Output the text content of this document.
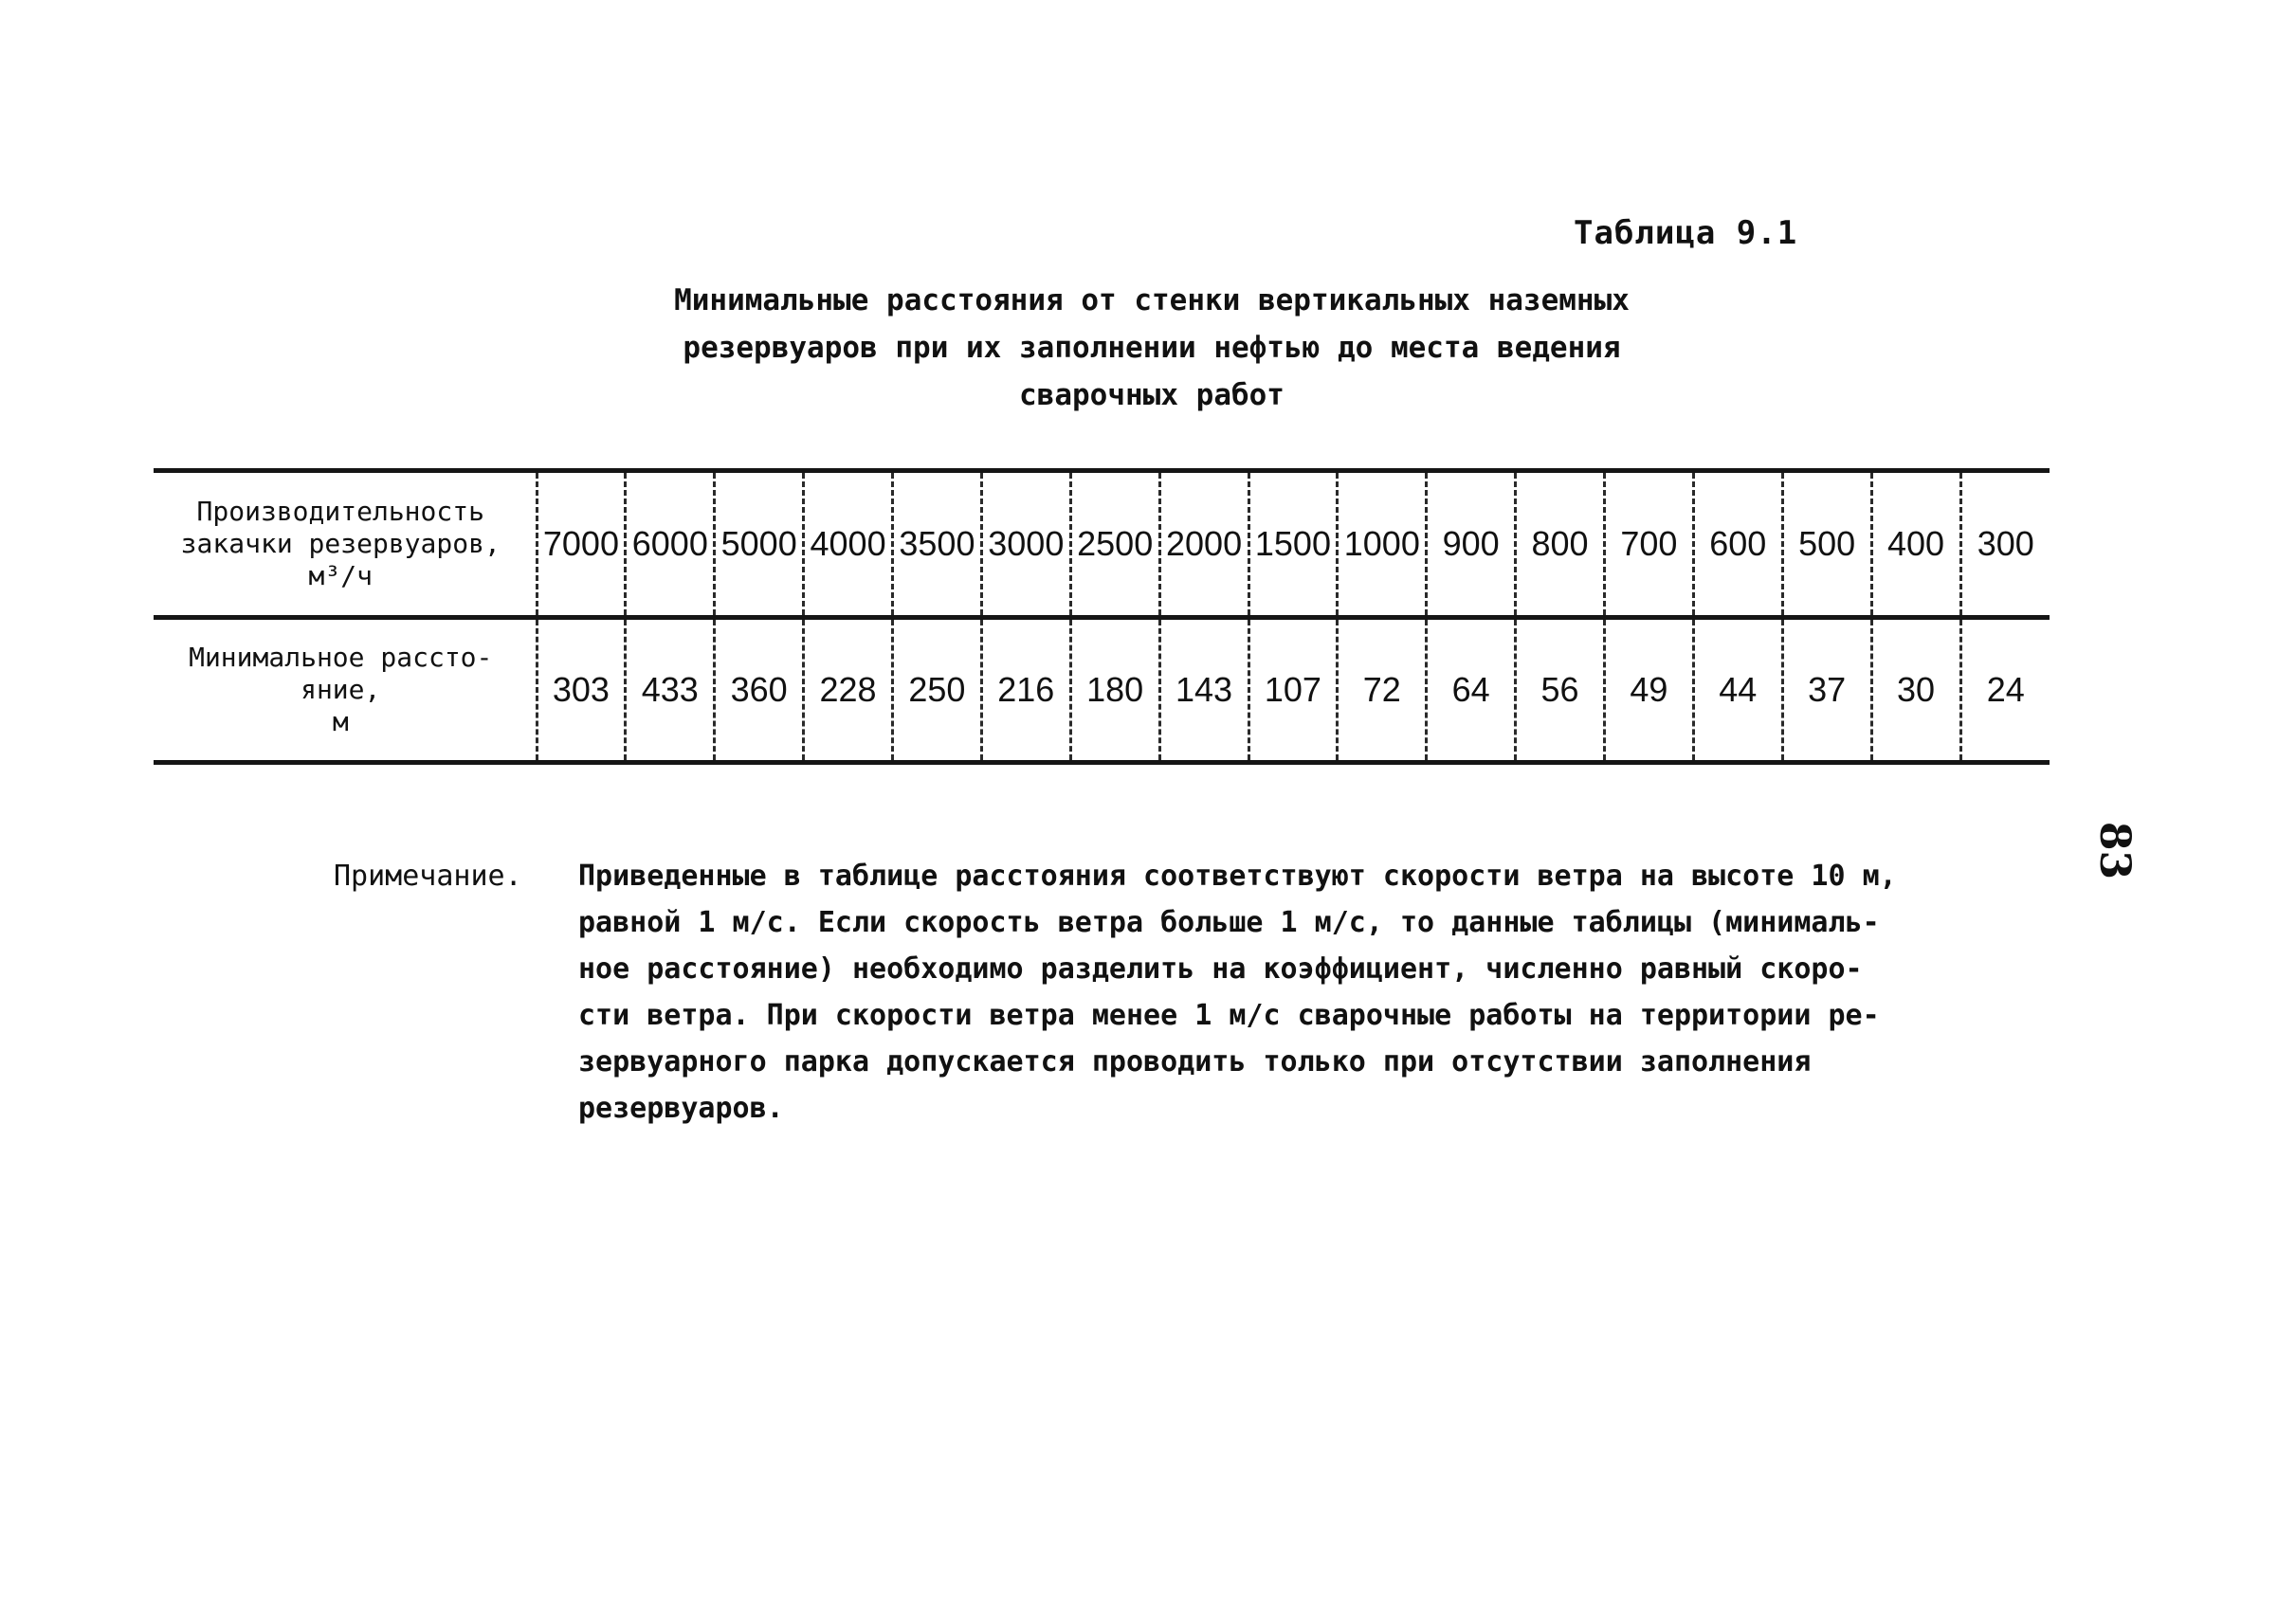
Таблица 9.1
Минимальные расстояния от стенки вертикальных наземных
резервуаров при их заполнении нефтью до места ведения
сварочных работ
Производительность
закачки резервуаров,
м³/ч	7000	6000	5000	4000	3500	3000	2500	2000	1500	1000	900	800	700	600	500	400	300

Минимальное рассто-
яние,
м	303	433	360	228	250	216	180	143	107	72	64	56	49	44	37	30	24
Примечание.	Приведенные в таблице расстояния соответствуют скорости ветра на высоте 10 м,
равной 1 м/с. Если скорость ветра больше 1 м/с, то данные таблицы (минималь-
ное расстояние) необходимо разделить на коэффициент, численно равный скоро-
сти ветра. При скорости ветра менее 1 м/с сварочные работы на территории ре-
зервуарного парка допускается проводить только при отсутствии заполнения
резервуаров.
83
